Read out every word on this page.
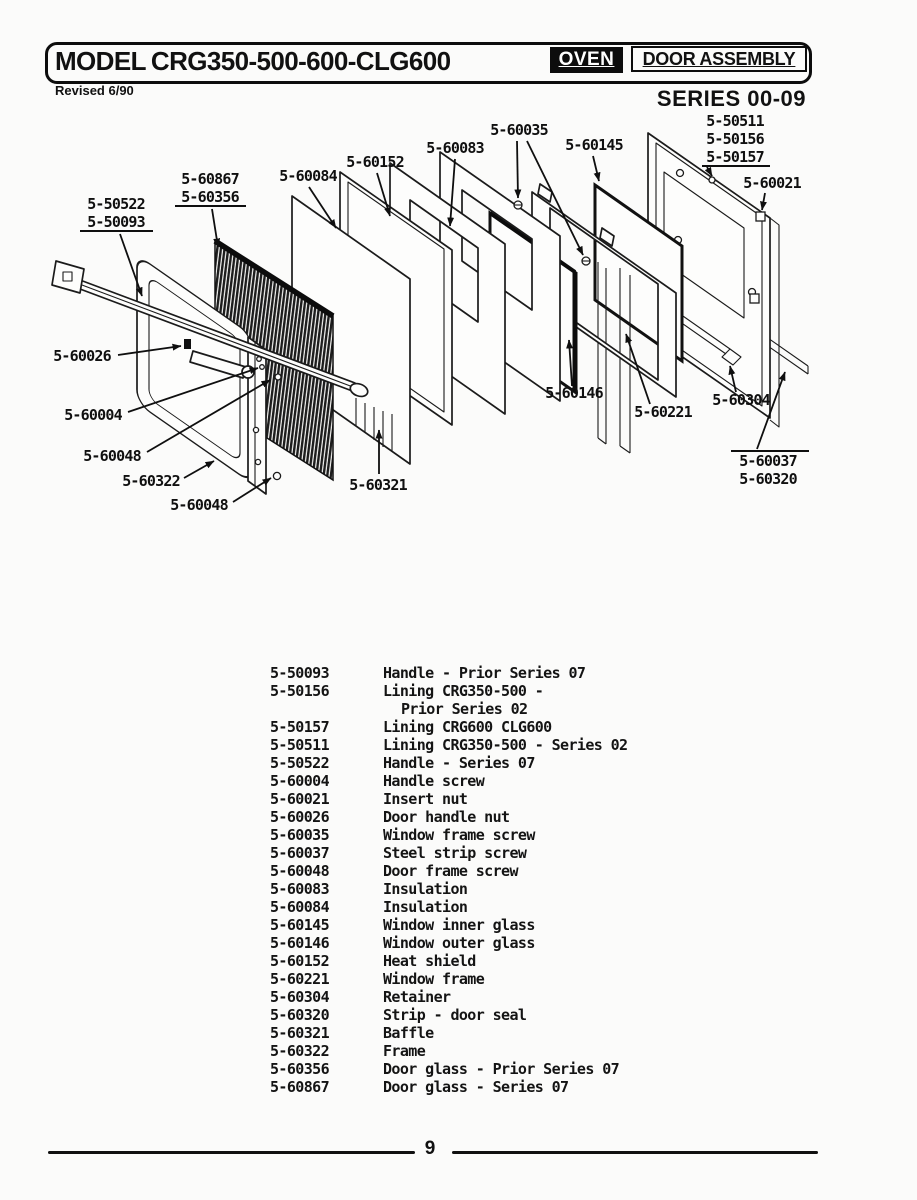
MODEL CRG350-500-600-CLG600	OVEN	DOOR ASSEMBLY
Revised 6/90	SERIES 00-09
5-50522
5-50093
5-60867
5-60356
5-60084
5-60152
5-60083
5-60035
5-60145
5-50511
5-50156
5-50157
5-60021
5-60026
5-60004
5-60048
5-60322
5-60048
5-60321
5-60146
5-60221
5-60304
5-60037
5-60320
5-50093	Handle - Prior Series 07
5-50156	Lining CRG350-500 -
Prior Series 02
5-50157	Lining CRG600 CLG600
5-50511	Lining CRG350-500 - Series 02
5-50522	Handle - Series 07
5-60004	Handle screw
5-60021	Insert nut
5-60026	Door handle nut
5-60035	Window frame screw
5-60037	Steel strip screw
5-60048	Door frame screw
5-60083	Insulation
5-60084	Insulation
5-60145	Window inner glass
5-60146	Window outer glass
5-60152	Heat shield
5-60221	Window frame
5-60304	Retainer
5-60320	Strip - door seal
5-60321	Baffle
5-60322	Frame
5-60356	Door glass - Prior Series 07
5-60867	Door glass - Series 07
9
